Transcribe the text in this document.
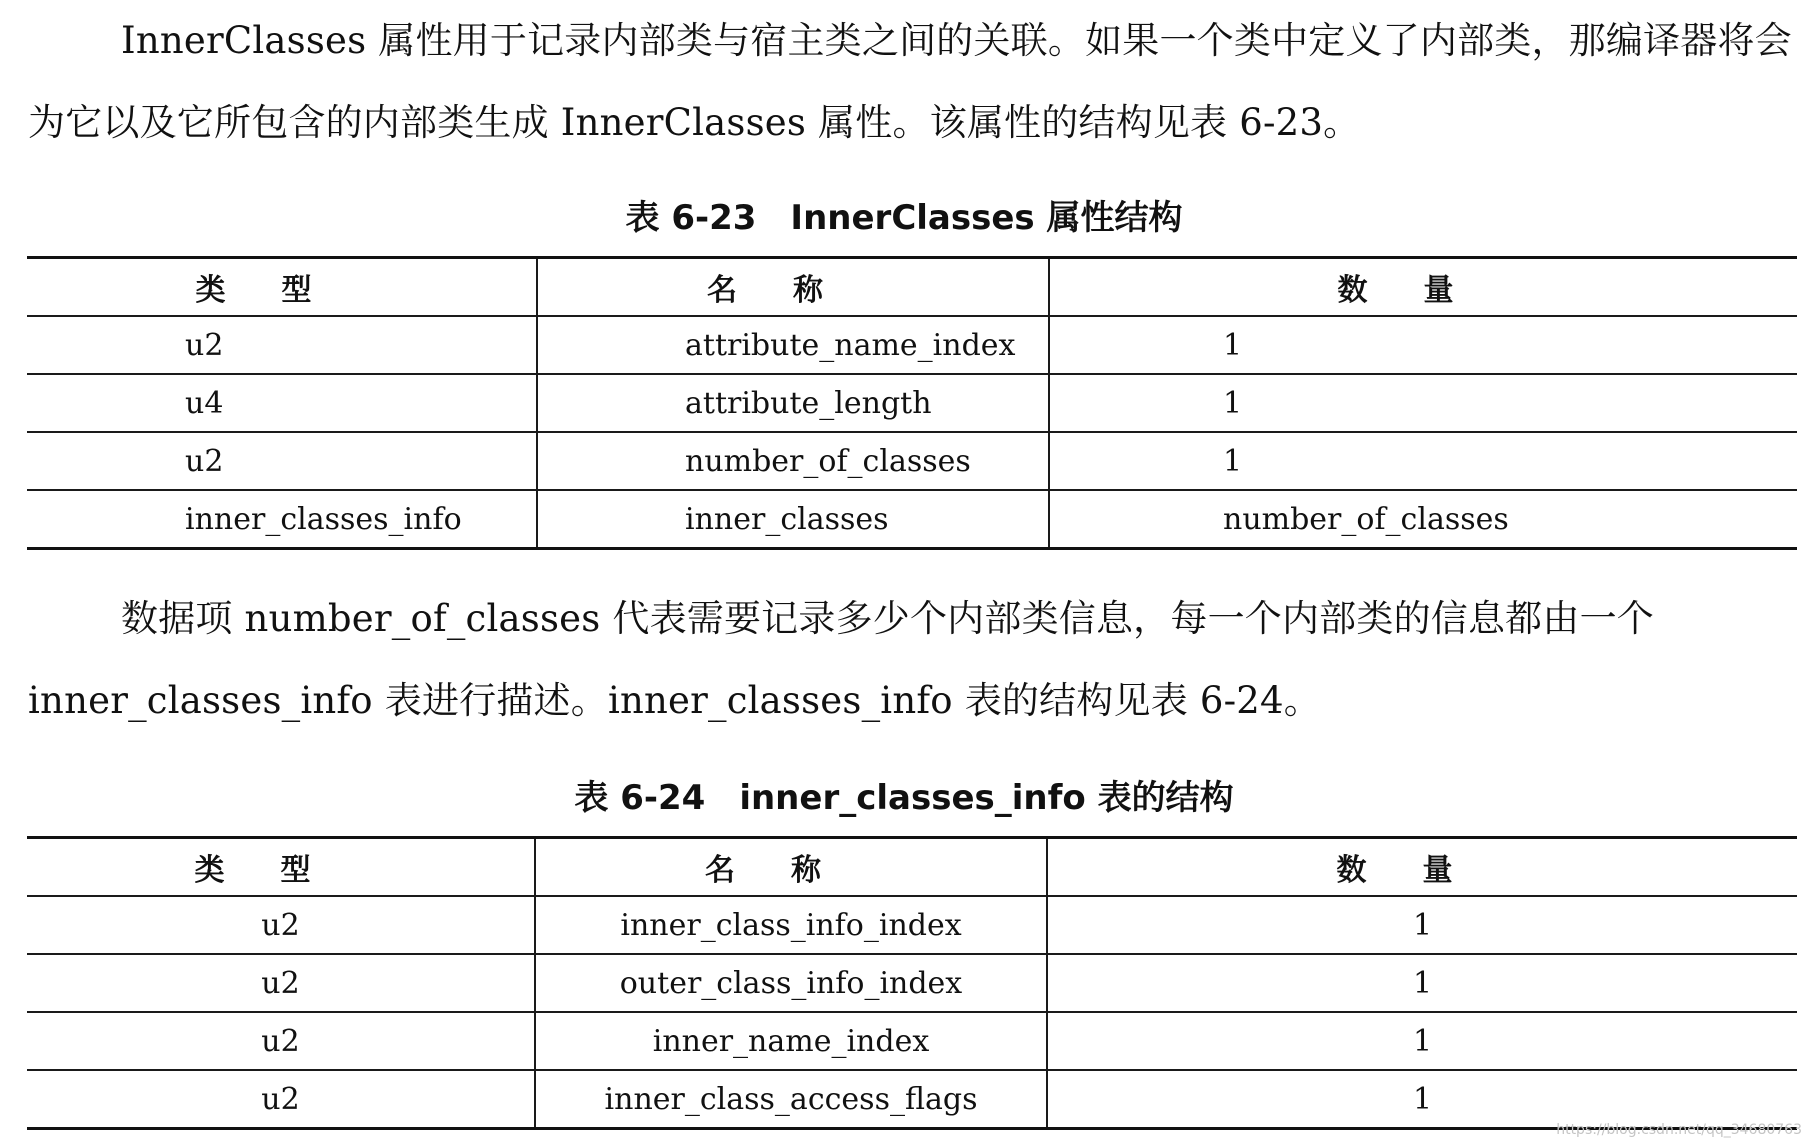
InnerClasses 属性用于记录内部类与宿主类之间的关联。如果一个类中定义了内部类，那编译器将会为它以及它所包含的内部类生成 InnerClasses 属性。该属性的结构见表 6-23。

表 6-23　InnerClasses 属性结构

类型	名称	数量
u2	attribute_name_index	1
u4	attribute_length	1
u2	number_of_classes	1
inner_classes_info	inner_classes	number_of_classes

数据项 number_of_classes 代表需要记录多少个内部类信息，每一个内部类的信息都由一个 inner_classes_info 表进行描述。inner_classes_info 表的结构见表 6-24。

表 6-24　inner_classes_info 表的结构

类型	名称	数量
u2	inner_class_info_index	1
u2	outer_class_info_index	1
u2	inner_name_index	1
u2	inner_class_access_flags	1
https://blog.csdn.net/qq_34680763
